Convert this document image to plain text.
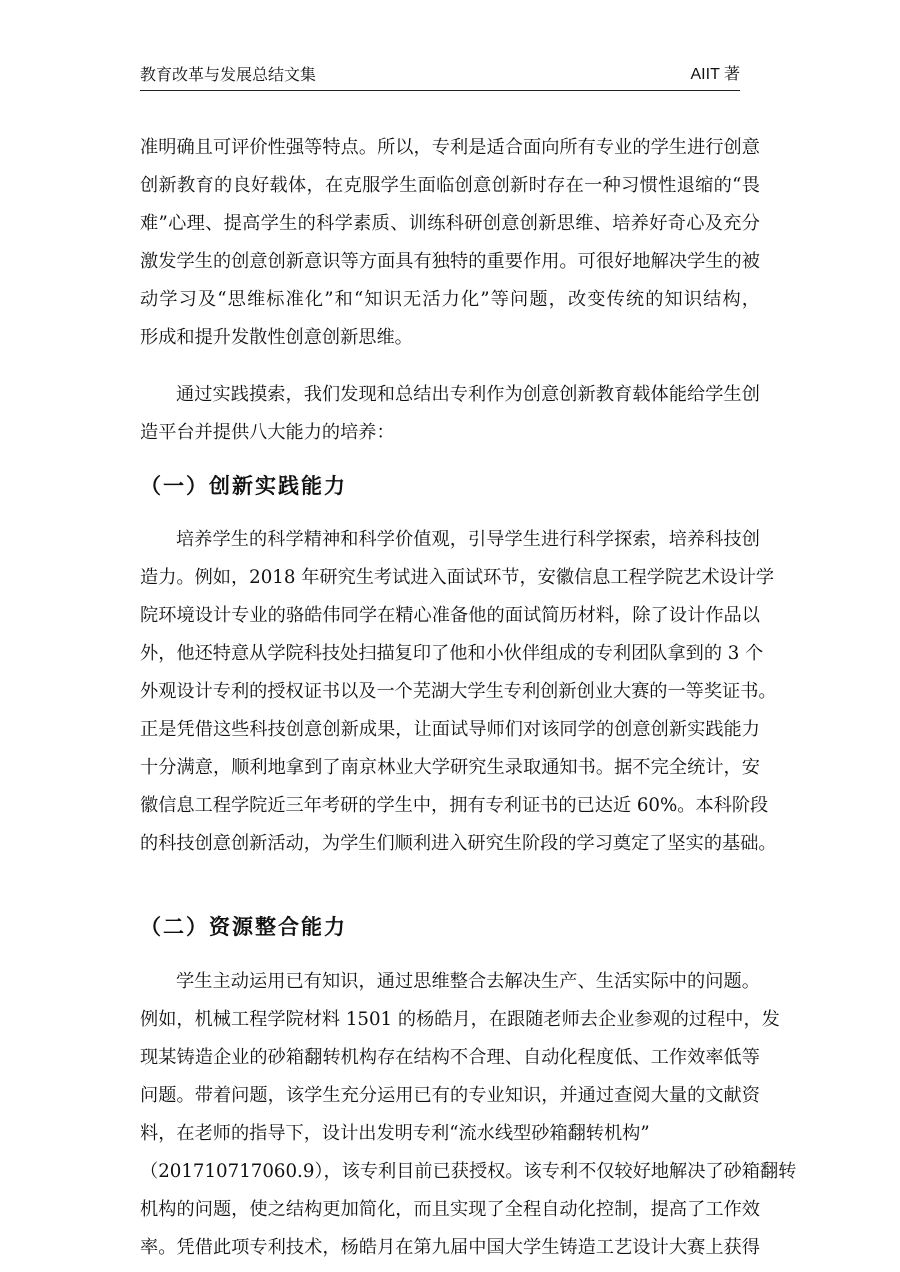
教育改革与发展总结文集	AIIT 著
准明确且可评价性强等特点。所以，专利是适合面向所有专业的学生进行创意
创新教育的良好载体，在克服学生面临创意创新时存在一种习惯性退缩的“畏
难”心理、提高学生的科学素质、训练科研创意创新思维、培养好奇心及充分
激发学生的创意创新意识等方面具有独特的重要作用。可很好地解决学生的被
动学习及“思维标准化”和“知识无活力化”等问题，改变传统的知识结构，
形成和提升发散性创意创新思维。
通过实践摸索，我们发现和总结出专利作为创意创新教育载体能给学生创
造平台并提供八大能力的培养：
（一）创新实践能力
培养学生的科学精神和科学价值观，引导学生进行科学探索，培养科技创
造力。例如，2018 年研究生考试进入面试环节，安徽信息工程学院艺术设计学
院环境设计专业的骆皓伟同学在精心准备他的面试简历材料，除了设计作品以
外，他还特意从学院科技处扫描复印了他和小伙伴组成的专利团队拿到的 3 个
外观设计专利的授权证书以及一个芜湖大学生专利创新创业大赛的一等奖证书。
正是凭借这些科技创意创新成果，让面试导师们对该同学的创意创新实践能力
十分满意，顺利地拿到了南京林业大学研究生录取通知书。据不完全统计，安
徽信息工程学院近三年考研的学生中，拥有专利证书的已达近 60%。本科阶段
的科技创意创新活动，为学生们顺利进入研究生阶段的学习奠定了坚实的基础。
（二）资源整合能力
学生主动运用已有知识，通过思维整合去解决生产、生活实际中的问题。
例如，机械工程学院材料 1501 的杨皓月，在跟随老师去企业参观的过程中，发
现某铸造企业的砂箱翻转机构存在结构不合理、自动化程度低、工作效率低等
问题。带着问题，该学生充分运用已有的专业知识，并通过查阅大量的文献资
料，在老师的指导下，设计出发明专利“流水线型砂箱翻转机构”
（201710717060.9），该专利目前已获授权。该专利不仅较好地解决了砂箱翻转
机构的问题，使之结构更加简化，而且实现了全程自动化控制，提高了工作效
率。凭借此项专利技术，杨皓月在第九届中国大学生铸造工艺设计大赛上获得
